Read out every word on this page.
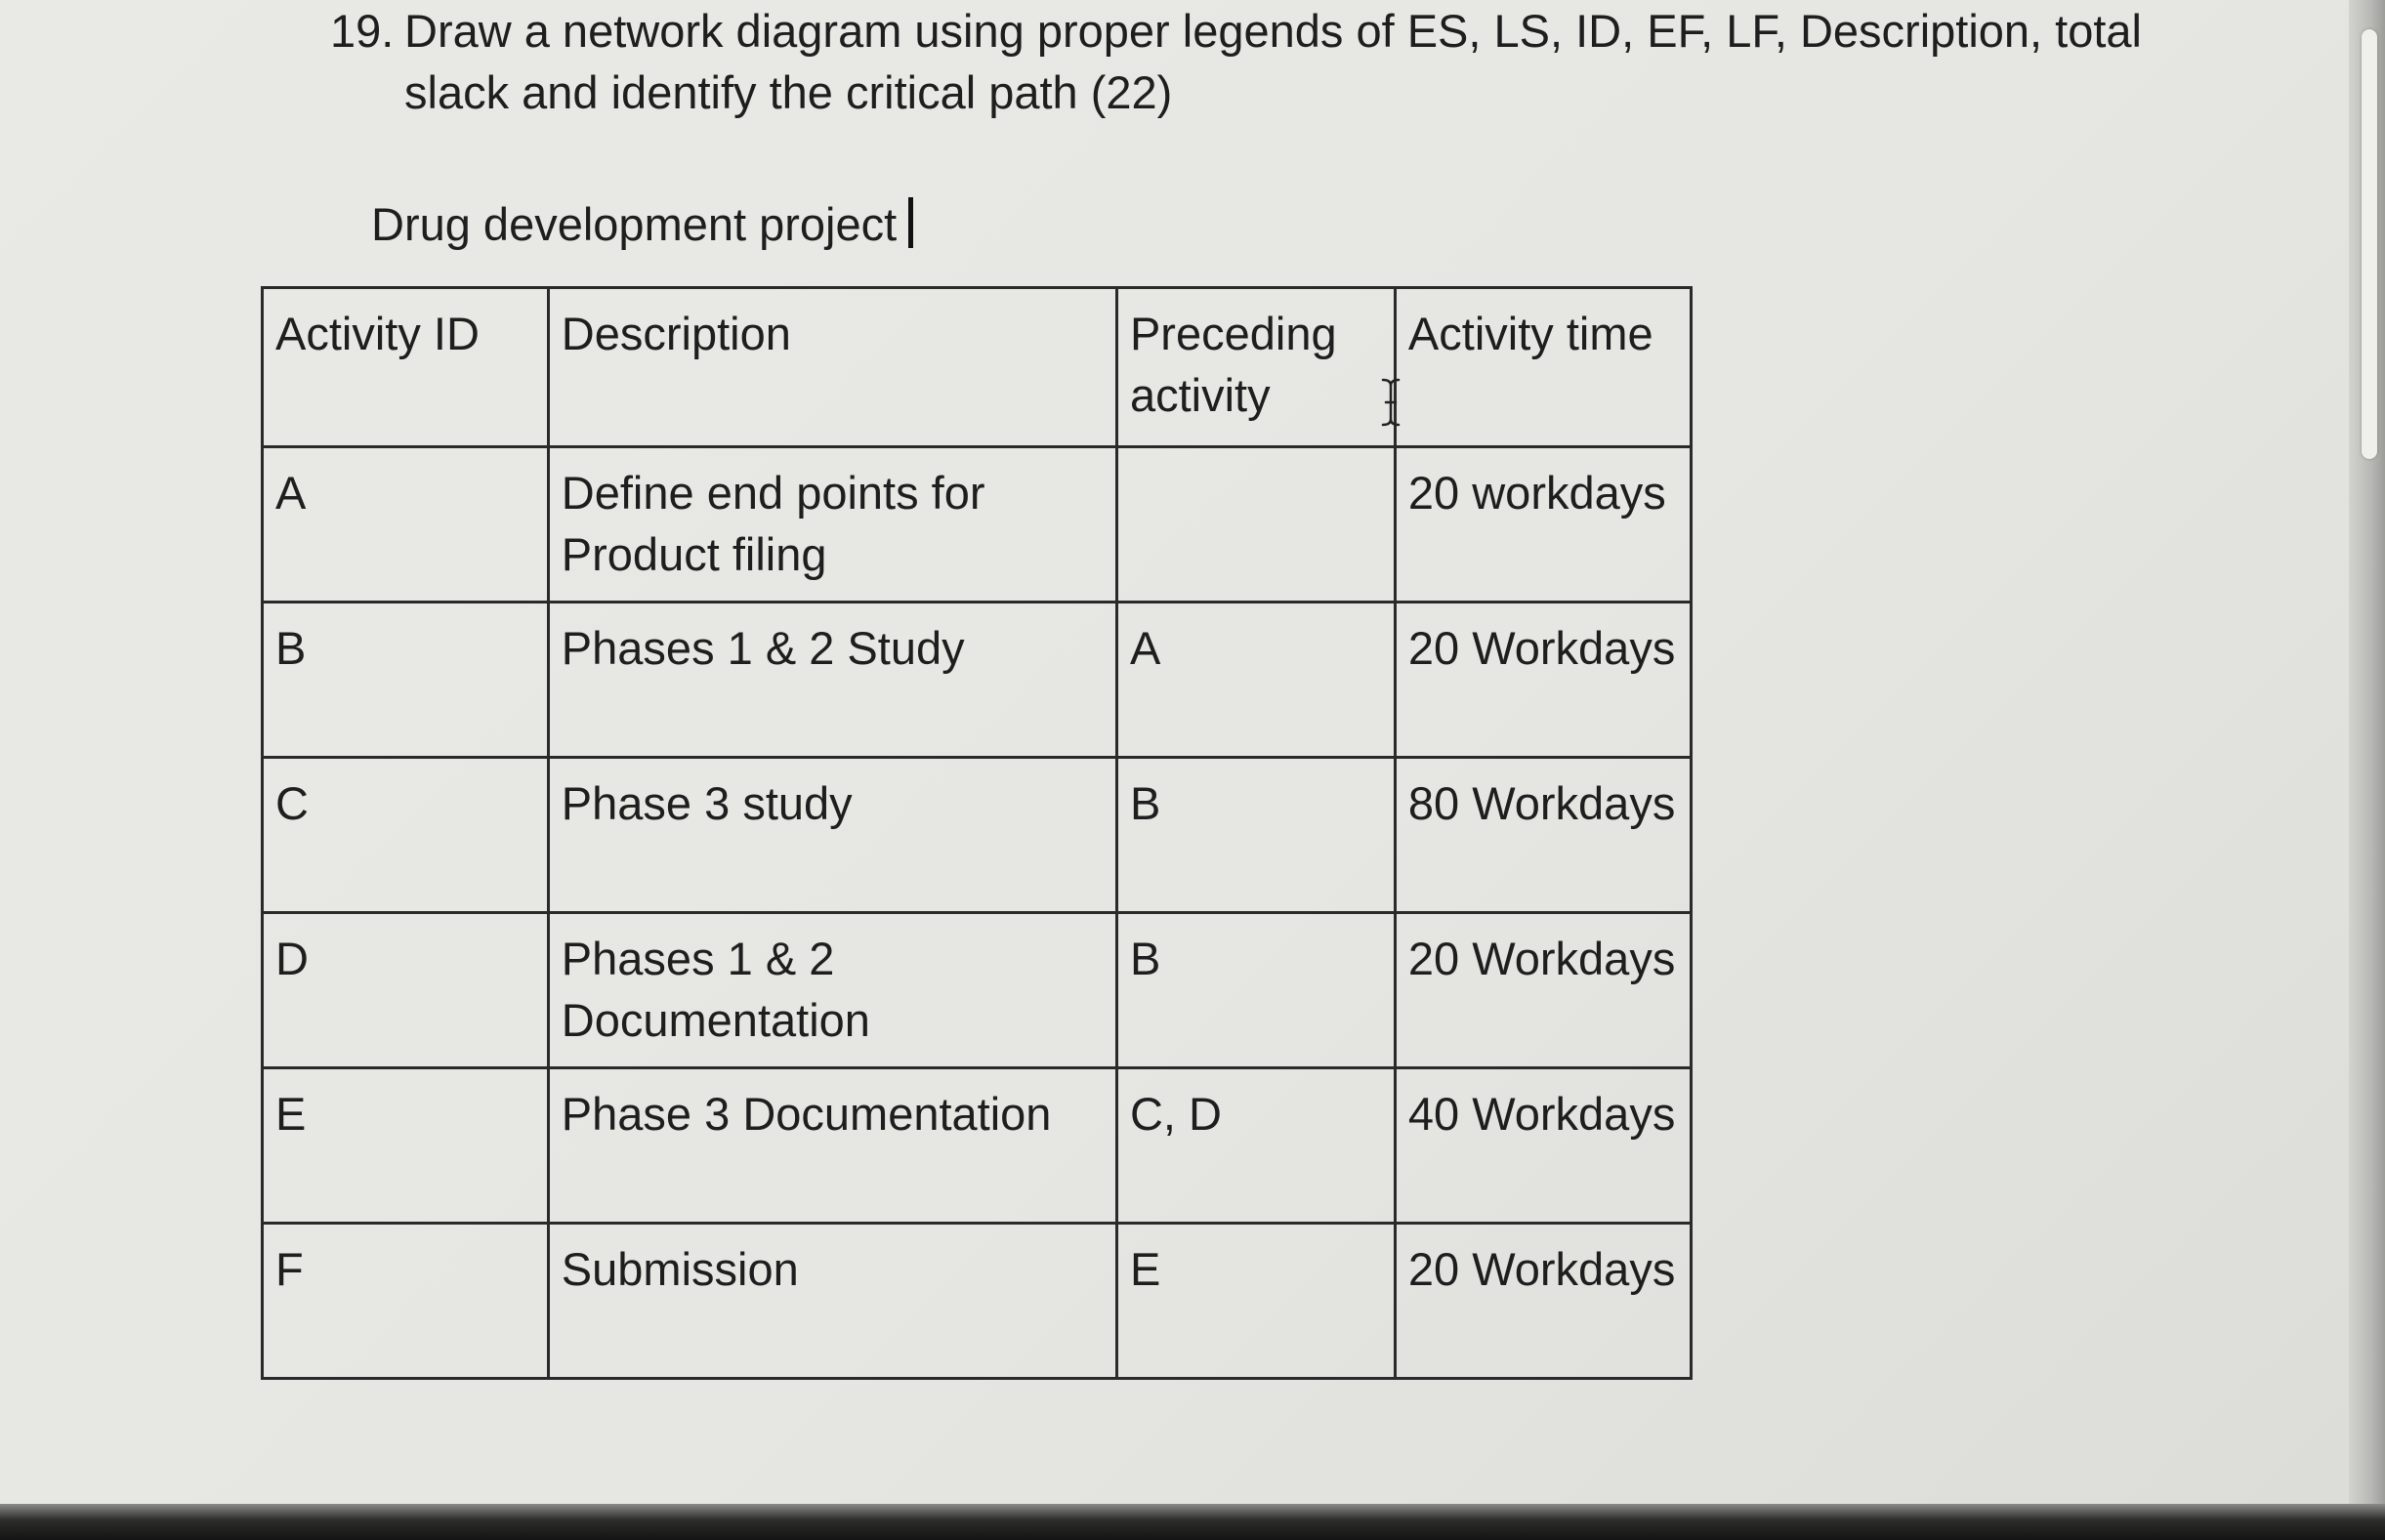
19. Draw a network diagram using proper legends of ES, LS, ID, EF, LF, Description, total slack and identify the critical path (22)
Drug development project
Activity ID	Description	Preceding activity	Activity time
A	Define end points for Product filing		20 workdays
B	Phases 1 & 2 Study	A	20 Workdays
C	Phase 3 study	B	80 Workdays
D	Phases 1 & 2 Documentation	B	20 Workdays
E	Phase 3 Documentation	C, D	40 Workdays
F	Submission	E	20 Workdays
